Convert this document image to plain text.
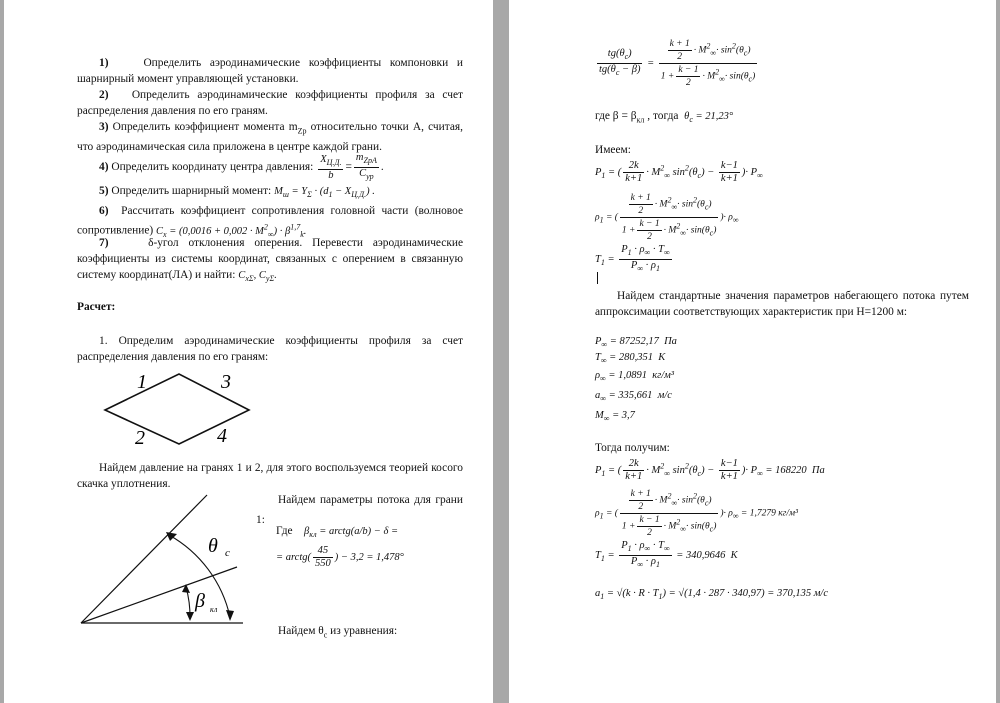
1)	Определить аэродинамические коэффициенты компоновки и шарнирный момент управляющей установки.
2) Определить аэродинамические коэффициенты профиля за счет распределения давления по его граням.
3) Определить коэффициент момента $m_{Zp}$ относительно точки А, считая, что аэродинамическая сила приложена в центре каждой грани.
4) Определить координату центра давления: $\frac{X_{Ц.Д.}}{b} = \frac{m_{ZpA}}{C_{yp}}$ .
5) Определить шарнирный момент: $M_ш = Y_\Sigma \cdot (d_1 - X_{Ц.Д.})$ .
6) Рассчитать коэффициент сопротивления головной части (волновое сопротивление) $C_x = (0,0016 + 0,002 \cdot M^2_\infty) \cdot \beta^{1,7}_k$.
7)	δ-угол отклонения оперения. Перевести аэродинамические коэффициенты из системы координат, связанных с оперением в связанную систему координат(ЛА) и найти: $C_{x\Sigma}$, $C_{y\Sigma}$.
Расчет:
1. Определим аэродинамические коэффициенты профиля за счет распределения давления по его граням:
1	3
2	4
Найдем давление на гранях 1 и 2, для этого воспользуемся теорией косого скачка уплотнения.
θ c
β кл
Найдем параметры потока для грани 1:
Где $\beta_{кл}$ = arctg(a/b) − δ =
= arctg( $\frac{45}{550}$ ) − 3,2 = 1,478°
Найдем $\theta_c$ из уравнения:
$\frac{tg(\theta_c)}{tg(\theta_c - \beta)} = \frac{\frac{k + 1}{2} \cdot M^2_\infty\cdot \sin^2(\theta_c)}{1 + \frac{k - 1}{2} \cdot M^2_\infty\cdot \sin(\theta_c)}$
где $\beta = \beta_{кл}$ , тогда $\theta_c = 21,23^\circ$
Имеем:
$P_1$ = ( $\frac{2k}{k+1} \cdot M^2_\infty$ $\sin^2(\theta_c) - \frac{k-1}{k+1}$ )· $P_\infty$
$\rho_1$ = ( $\frac{\frac{k + 1}{2} \cdot M^2_\infty\cdot \sin^2(\theta_c)}{1 + \frac{k - 1}{2} \cdot M^2_\infty\cdot \sin(\theta_c)}$ )· $\rho_\infty$
$T_1 = \frac{P_1 \cdot \rho_\infty \cdot T_\infty}{P_\infty \cdot \rho_1}$
Найдем стандартные значения параметров набегающего потока путем аппроксимации соответствующих характеристик при H=1200 м:
$P_\infty = 87252,17$ Па
$T_\infty = 280,351$ K
$\rho_\infty = 1,0891$ кг/м³
$a_\infty = 335,661$ м/с
$M_\infty = 3,7$
Тогда получим:
$P_1$ = ( $\frac{2k}{k+1} \cdot M^2_\infty$ $\sin^2(\theta_c) - \frac{k-1}{k+1}$ )· $P_\infty = 168220$ Па
$\rho_1$ = ( $\frac{\frac{k + 1}{2} \cdot M^2_\infty\cdot \sin^2(\theta_c)}{1 + \frac{k - 1}{2} \cdot M^2_\infty\cdot \sin(\theta_c)}$ )· $\rho_\infty = 1,7279$ кг/м³
$T_1 = \frac{P_1 \cdot \rho_\infty \cdot T_\infty}{P_\infty \cdot \rho_1} = 340,9646$ K
$a_1 = √(k \cdot R \cdot T_1) = √(1,4 \cdot 287 \cdot 340,97) = 370,135$ м/с
